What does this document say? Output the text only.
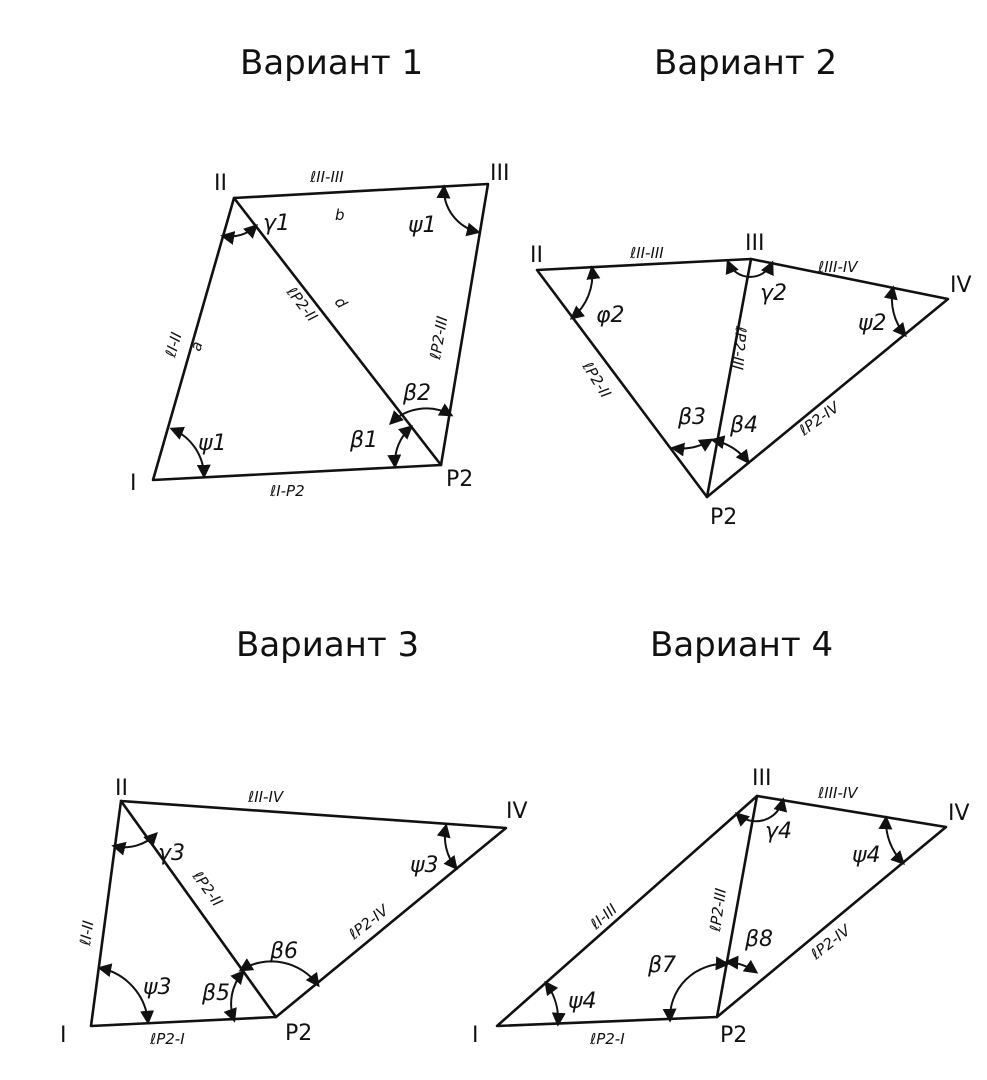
Вариант 1
I
II	III
P2
ψ1	β1
β2
γ1	ψ1
ℓII-III
b
ℓI-II a
ℓP2-II d
ℓP2-III
ℓI-P2
Вариант 2
II	III
IV
P2
φ2
γ2
ψ2
β3 β4
ℓII-III
ℓIII-IV
ℓP2-II
ℓP2-III
ℓP2-IV
Вариант 3
I
II
IV
P2
γ3	ψ3
ψ3 β5
β6
ℓII-IV
ℓI-II
ℓP2-II
ℓP2-IV
ℓP2-I
Вариант 4
I
III
IV
P2
γ4
ψ4
ψ4
β7
β8
ℓIII-IV
ℓI-III	ℓP2-III
ℓP2-IV
ℓP2-I
